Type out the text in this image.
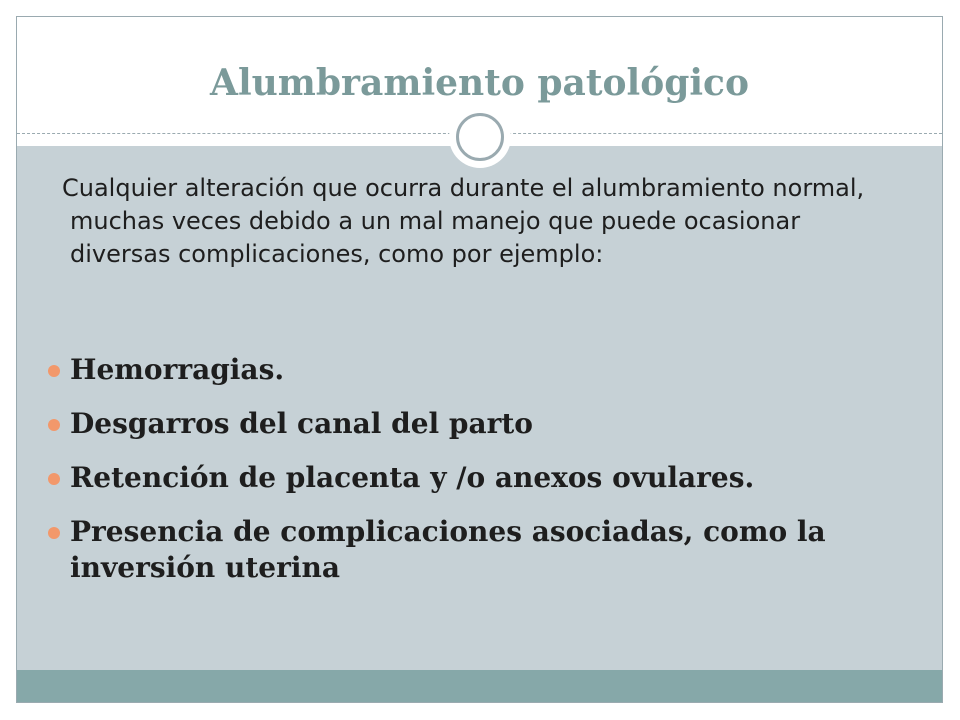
Alumbramiento patológico

Cualquier alteración que ocurra durante el alumbramiento normal, muchas veces debido a un mal manejo que puede ocasionar diversas complicaciones, como por ejemplo:

Hemorragias.
Desgarros del canal del parto
Retención de placenta y /o anexos ovulares.
Presencia de complicaciones asociadas, como la inversión uterina
